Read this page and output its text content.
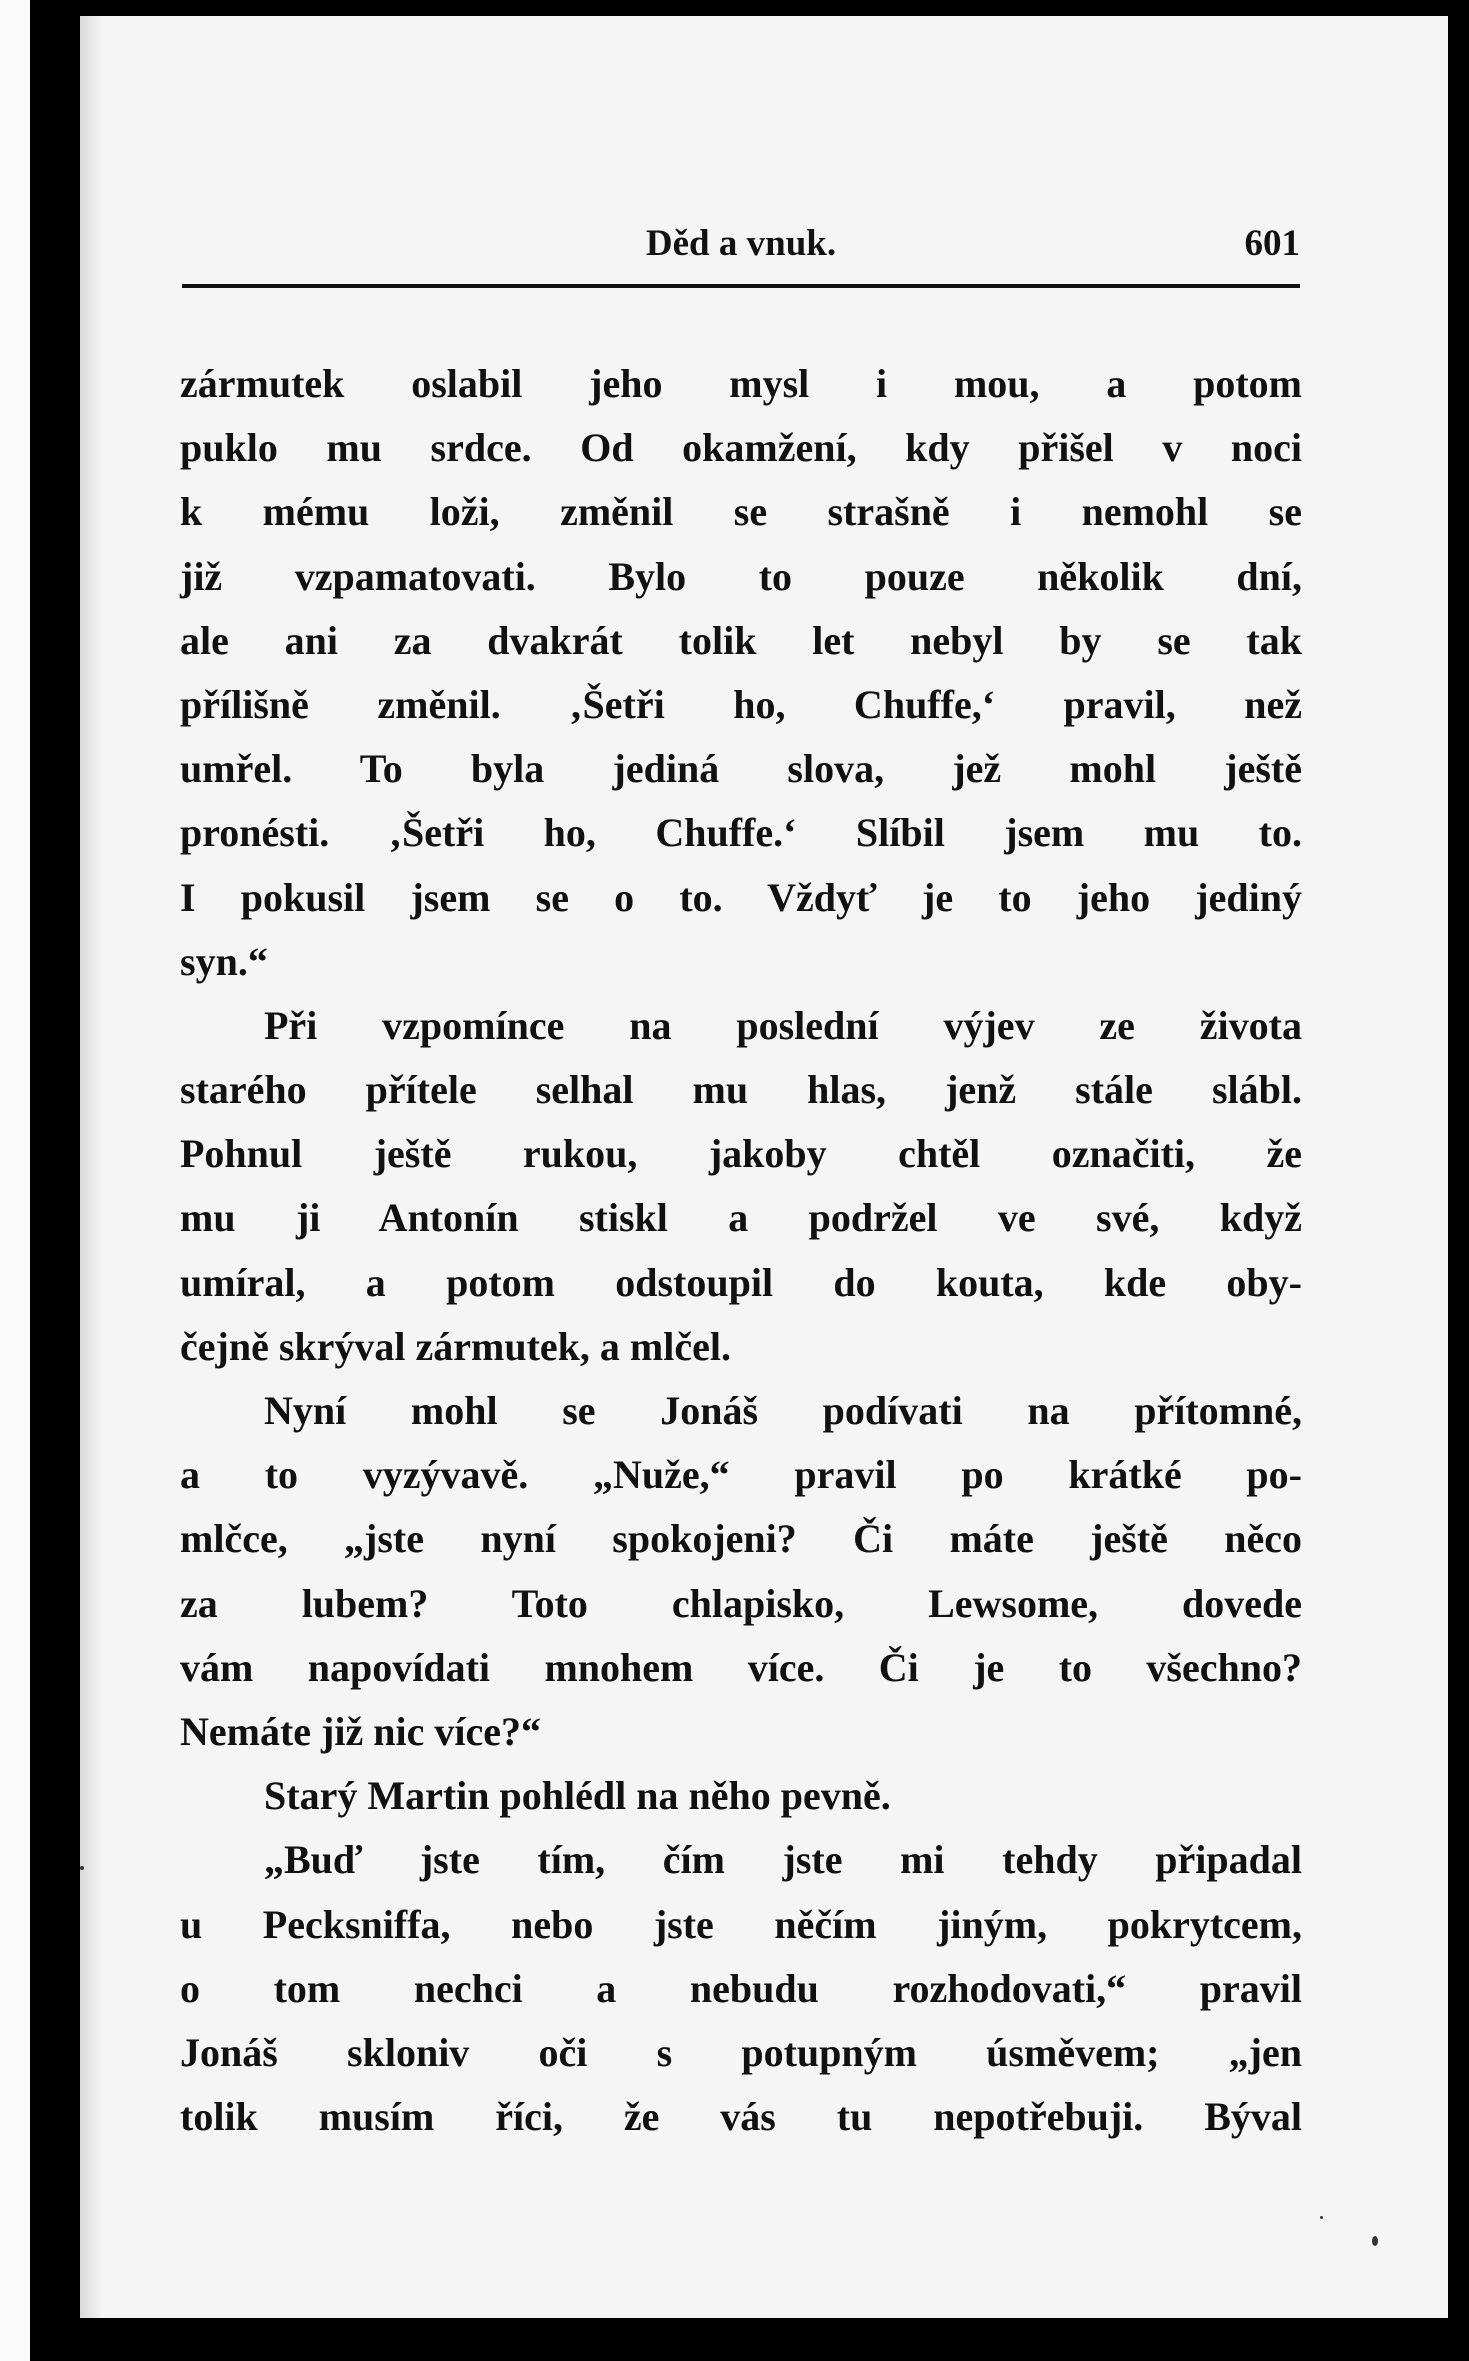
Děd a vnuk.	601
zármutek oslabil jeho mysl i mou, a potom
puklo mu srdce. Od okamžení, kdy přišel v noci
k mému loži, změnil se strašně i nemohl se
již vzpamatovati. Bylo to pouze několik dní,
ale ani za dvakrát tolik let nebyl by se tak
přílišně změnil. ‚Šetři ho, Chuffe,‘ pravil, než
umřel. To byla jediná slova, jež mohl ještě
pronésti. ‚Šetři ho, Chuffe.‘ Slíbil jsem mu to.
I pokusil jsem se o to. Vždyť je to jeho jediný
syn.“
Při vzpomínce na poslední výjev ze života
starého přítele selhal mu hlas, jenž stále slábl.
Pohnul ještě rukou, jakoby chtěl označiti, že
mu ji Antonín stiskl a podržel ve své, když
umíral, a potom odstoupil do kouta, kde oby-
čejně skrýval zármutek, a mlčel.
Nyní mohl se Jonáš podívati na přítomné,
a to vyzývavě. „Nuže,“ pravil po krátké po-
mlčce, „jste nyní spokojeni? Či máte ještě něco
za lubem? Toto chlapisko, Lewsome, dovede
vám napovídati mnohem více. Či je to všechno?
Nemáte již nic více?“
Starý Martin pohlédl na něho pevně.
„Buď jste tím, čím jste mi tehdy připadal
u Pecksniffa, nebo jste něčím jiným, pokrytcem,
o tom nechci a nebudu rozhodovati,“ pravil
Jonáš skloniv oči s potupným úsměvem; „jen
tolik musím říci, že vás tu nepotřebuji. Býval
